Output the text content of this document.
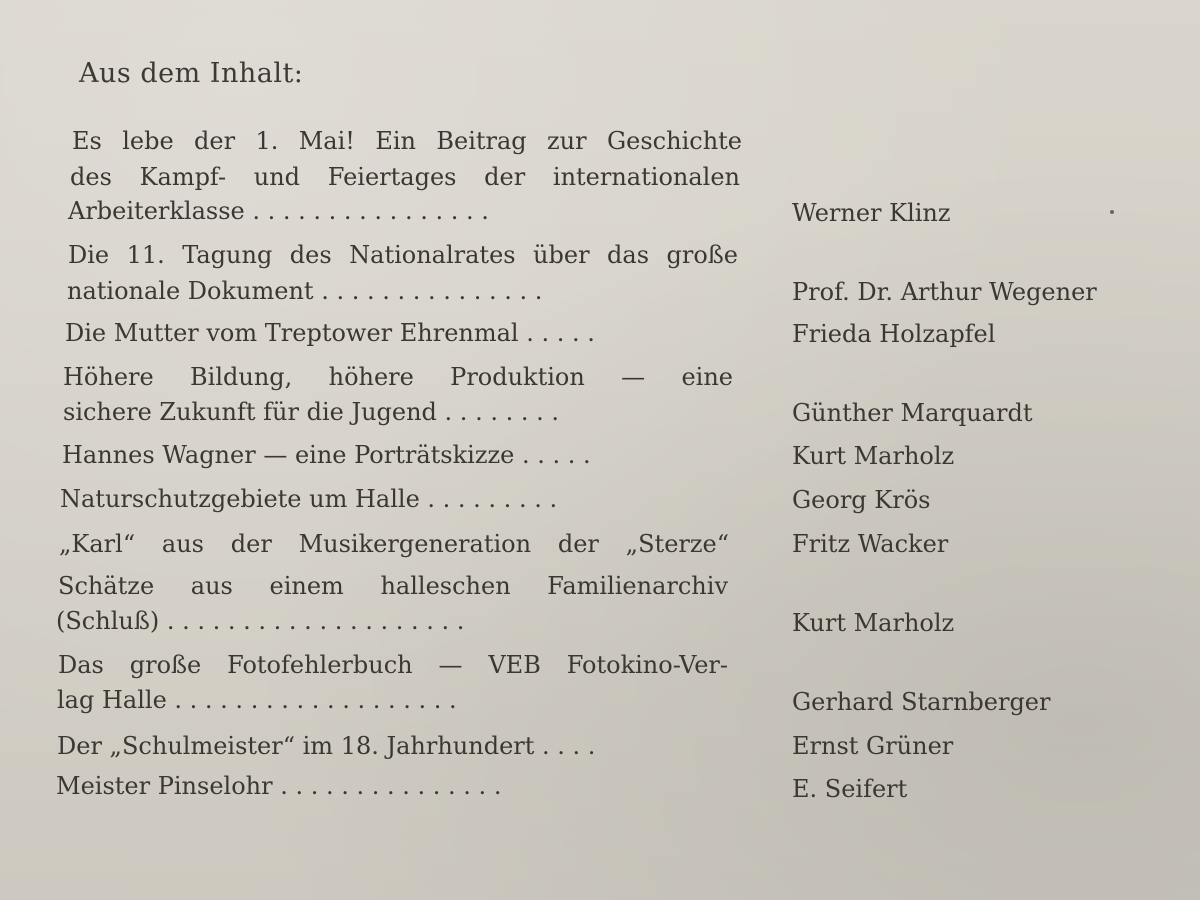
Aus dem Inhalt:
Es lebe der 1. Mai! Ein Beitrag zur Geschichte
des Kampf- und Feiertages der internationalen
Arbeiterklasse . . . . . . . . . . . . . . . .	Werner Klinz
Die 11. Tagung des Nationalrates über das große
nationale Dokument . . . . . . . . . . . . . . .	Prof. Dr. Arthur Wegener
Die Mutter vom Treptower Ehrenmal . . . . .	Frieda Holzapfel
Höhere Bildung, höhere Produktion — eine
sichere Zukunft für die Jugend . . . . . . . .	Günther Marquardt
Hannes Wagner — eine Porträtskizze . . . . .	Kurt Marholz
Naturschutzgebiete um Halle . . . . . . . . .	Georg Krös
„Karl“ aus der Musikergeneration der „Sterze“	Fritz Wacker
Schätze aus einem halleschen Familienarchiv
(Schluß) . . . . . . . . . . . . . . . . . . . .	Kurt Marholz
Das große Fotofehlerbuch — VEB Fotokino-Ver-
lag Halle . . . . . . . . . . . . . . . . . . .	Gerhard Starnberger
Der „Schulmeister“ im 18. Jahrhundert . . . .	Ernst Grüner
Meister Pinselohr . . . . . . . . . . . . . . .	E. Seifert
